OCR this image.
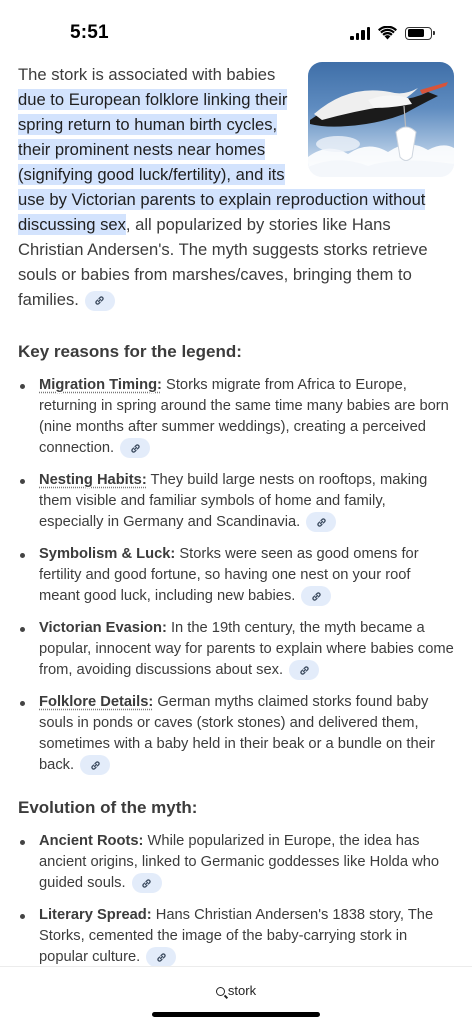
5:51

The stork is associated with babies due to European folklore linking their spring return to human birth cycles, their prominent nests near homes (signifying good luck/fertility), and its use by Victorian parents to explain reproduction without discussing sex, all popularized by stories like Hans Christian Andersen's. The myth suggests storks retrieve souls or babies from marshes/caves, bringing them to families.

Key reasons for the legend:
Migration Timing: Storks migrate from Africa to Europe, returning in spring around the same time many babies are born (nine months after summer weddings), creating a perceived connection.
Nesting Habits: They build large nests on rooftops, making them visible and familiar symbols of home and family, especially in Germany and Scandinavia.
Symbolism & Luck: Storks were seen as good omens for fertility and good fortune, so having one nest on your roof meant good luck, including new babies.
Victorian Evasion: In the 19th century, the myth became a popular, innocent way for parents to explain where babies come from, avoiding discussions about sex.
Folklore Details: German myths claimed storks found baby souls in ponds or caves (stork stones) and delivered them, sometimes with a baby held in their beak or a bundle on their back.
Evolution of the myth:
Ancient Roots: While popularized in Europe, the idea has ancient origins, linked to Germanic goddesses like Holda who guided souls.
Literary Spread: Hans Christian Andersen's 1838 story, The Storks, cemented the image of the baby-carrying stork in popular culture.
stork
